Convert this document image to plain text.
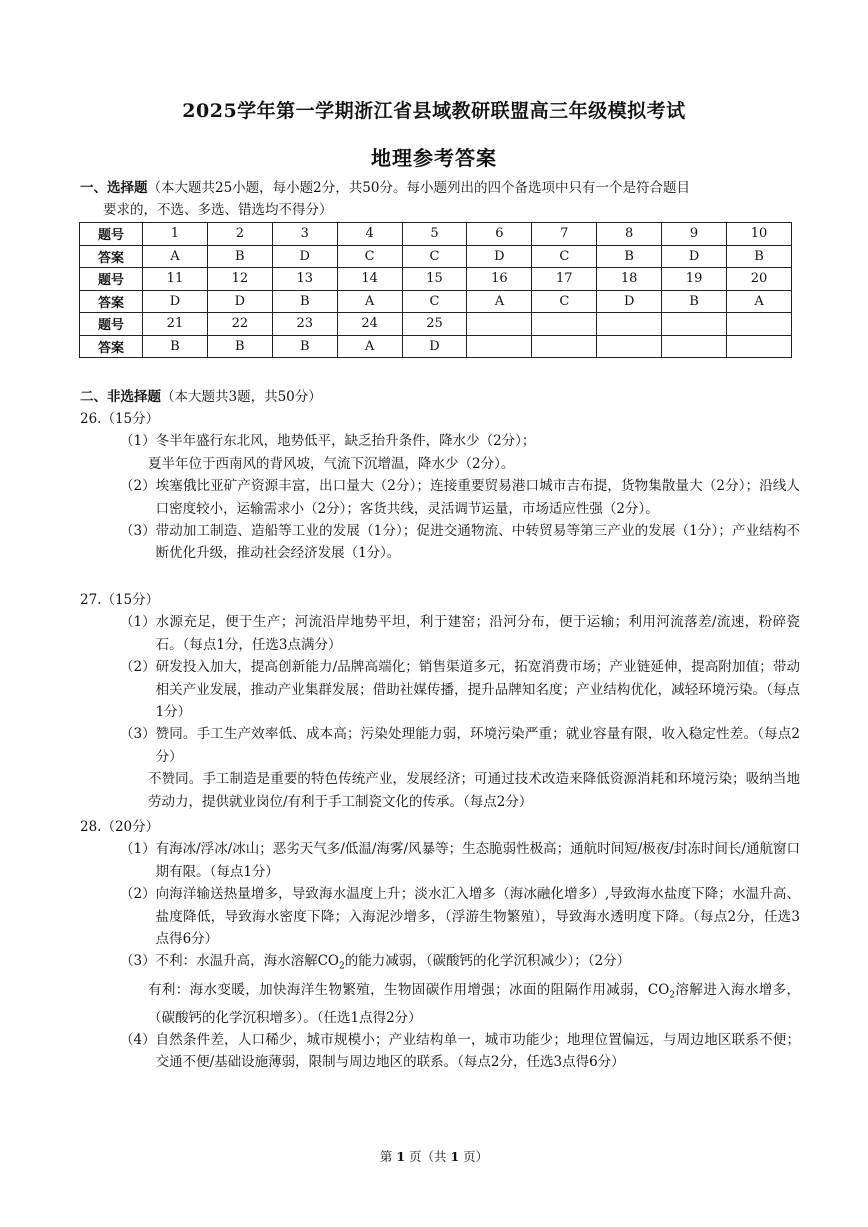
2025学年第一学期浙江省县域教研联盟高三年级模拟考试
地理参考答案
一、选择题（本大题共25小题，每小题2分，共50分。每小题列出的四个备选项中只有一个是符合题目
要求的，不选、多选、错选均不得分）
题号	1	2	3	4	5	6	7	8	9	10
答案	A	B	D	C	C	D	C	B	D	B
题号	11	12	13	14	15	16	17	18	19	20
答案	D	D	B	A	C	A	C	D	B	A
题号	21	22	23	24	25					
答案	B	B	B	A	D					
二、非选择题（本大题共3题，共50分）
26.（15分）
（1） 冬半年盛行东北风，地势低平，缺乏抬升条件，降水少（2分）；
夏半年位于西南风的背风坡，气流下沉增温，降水少（2分）。
（2） 埃塞俄比亚矿产资源丰富，出口量大（2分）；连接重要贸易港口城市吉布提，货物集散量大（2分）；沿线人口密度较小，运输需求小（2分）；客货共线，灵活调节运量，市场适应性强（2分）。
（3） 带动加工制造、造船等工业的发展（1分）；促进交通物流、中转贸易等第三产业的发展（1分）；产业结构不断优化升级，推动社会经济发展（1分）。
27.（15分）
（1） 水源充足，便于生产；河流沿岸地势平坦，利于建窑；沿河分布，便于运输；利用河流落差/流速，粉碎瓷石。（每点1分，任选3点满分）
（2） 研发投入加大，提高创新能力/品牌高端化；销售渠道多元，拓宽消费市场；产业链延伸，提高附加值；带动相关产业发展，推动产业集群发展；借助社媒传播，提升品牌知名度；产业结构优化，减轻环境污染。（每点1分）
（3） 赞同。手工生产效率低、成本高；污染处理能力弱，环境污染严重；就业容量有限，收入稳定性差。（每点2分）
不赞同。手工制造是重要的特色传统产业，发展经济；可通过技术改造来降低资源消耗和环境污染；吸纳当地劳动力，提供就业岗位/有利于手工制瓷文化的传承。（每点2分）
28.（20分）
（1） 有海冰/浮冰/冰山；恶劣天气多/低温/海雾/风暴等；生态脆弱性极高；通航时间短/极夜/封冻时间长/通航窗口期有限。（每点1分）
（2） 向海洋输送热量增多，导致海水温度上升；淡水汇入增多（海冰融化增多）,导致海水盐度下降；水温升高、盐度降低，导致海水密度下降；入海泥沙增多，（浮游生物繁殖），导致海水透明度下降。（每点2分，任选3点得6分）
（3） 不利：水温升高，海水溶解$CO_2$的能力减弱，（碳酸钙的化学沉积减少）；（2分）
有利：海水变暖，加快海洋生物繁殖，生物固碳作用增强；冰面的阻隔作用减弱，$CO_2$溶解进入海水增多，（碳酸钙的化学沉积增多）。（任选1点得2分）
（4） 自然条件差，人口稀少，城市规模小；产业结构单一，城市功能少；地理位置偏远，与周边地区联系不便；交通不便/基础设施薄弱，限制与周边地区的联系。（每点2分，任选3点得6分）
第 1 页（共 1 页）
